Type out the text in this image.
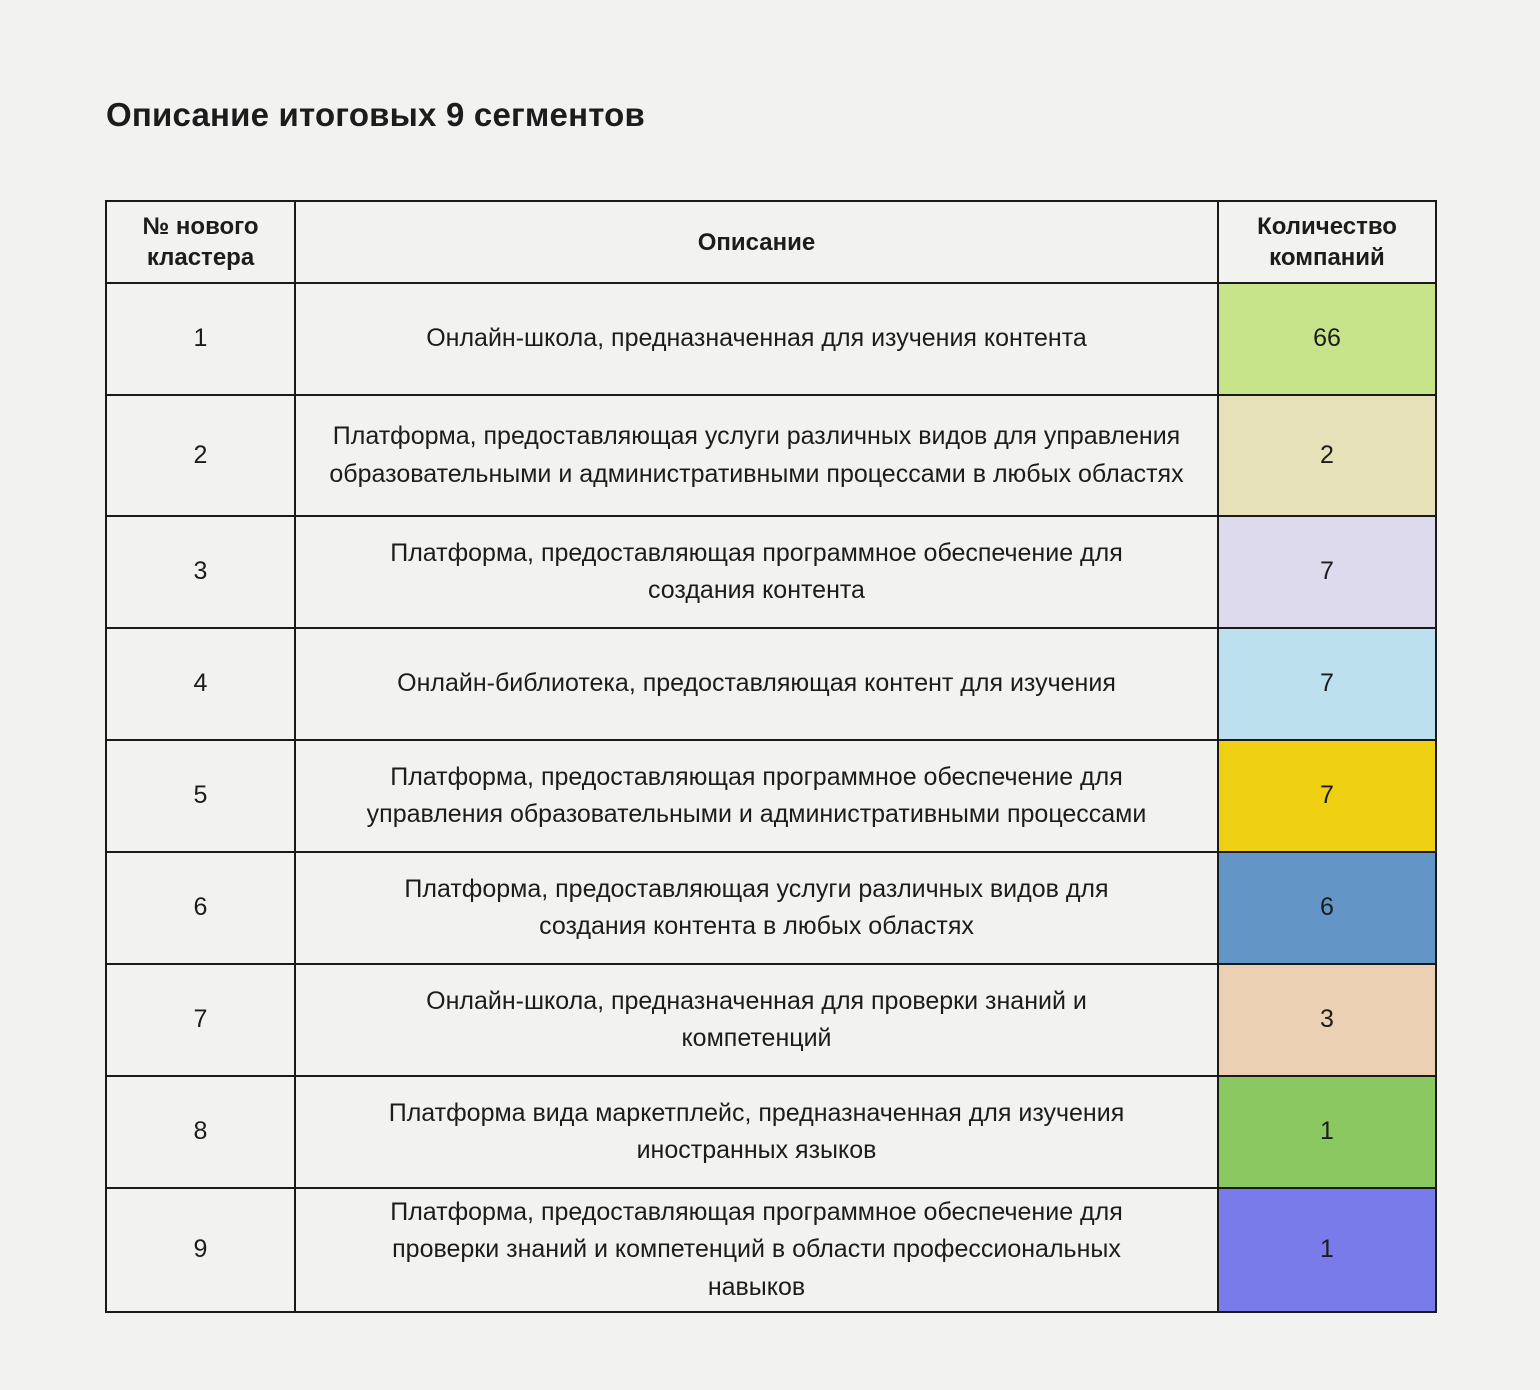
Описание итоговых 9 сегментов
№ нового кластера	Описание	Количество компаний
1	Онлайн-школа, предназначенная для изучения контента	66
2	Платформа, предоставляющая услуги различных видов для управления образовательными и административными процессами в любых областях	2
3	Платформа, предоставляющая программное обеспечение для создания контента	7
4	Онлайн-библиотека, предоставляющая контент для изучения	7
5	Платформа, предоставляющая программное обеспечение для управления образовательными и административными процессами	7
6	Платформа, предоставляющая услуги различных видов для создания контента в любых областях	6
7	Онлайн-школа, предназначенная для проверки знаний и компетенций	3
8	Платформа вида маркетплейс, предназначенная для изучения иностранных языков	1
9	Платформа, предоставляющая программное обеспечение для проверки знаний и компетенций в области профессиональных навыков	1
